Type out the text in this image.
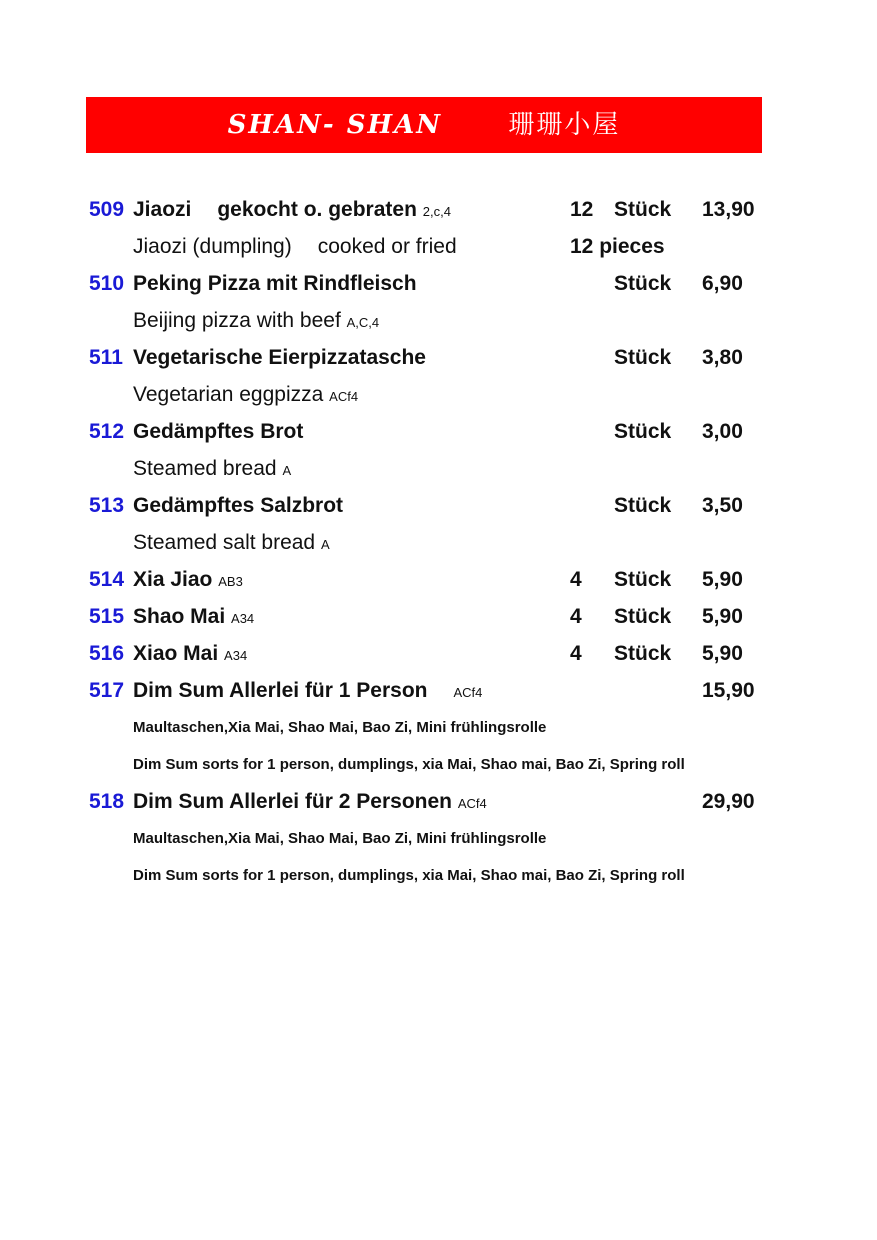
SHAN- SHAN	珊珊小屋
509 Jiaozi gekocht o. gebraten 2,c,4	12 Stück 13,90
Jiaozi (dumpling) cooked or fried	12 pieces
510 Peking Pizza mit Rindfleisch	Stück 6,90
Beijing pizza with beef A,C,4
511 Vegetarische Eierpizzatasche	Stück 3,80
Vegetarian eggpizza ACf4
512 Gedämpftes Brot	Stück 3,00
Steamed bread A
513 Gedämpftes Salzbrot	Stück 3,50
Steamed salt bread A
514 Xia Jiao AB3	4 Stück 5,90
515 Shao Mai A34	4 Stück 5,90
516 Xiao Mai A34	4 Stück 5,90
517 Dim Sum Allerlei für 1 Person ACf4	15,90
Maultaschen,Xia Mai, Shao Mai, Bao Zi, Mini frühlingsrolle
Dim Sum sorts for 1 person, dumplings, xia Mai, Shao mai, Bao Zi, Spring roll
518 Dim Sum Allerlei für 2 Personen ACf4	29,90
Maultaschen,Xia Mai, Shao Mai, Bao Zi, Mini frühlingsrolle
Dim Sum sorts for 1 person, dumplings, xia Mai, Shao mai, Bao Zi, Spring roll
